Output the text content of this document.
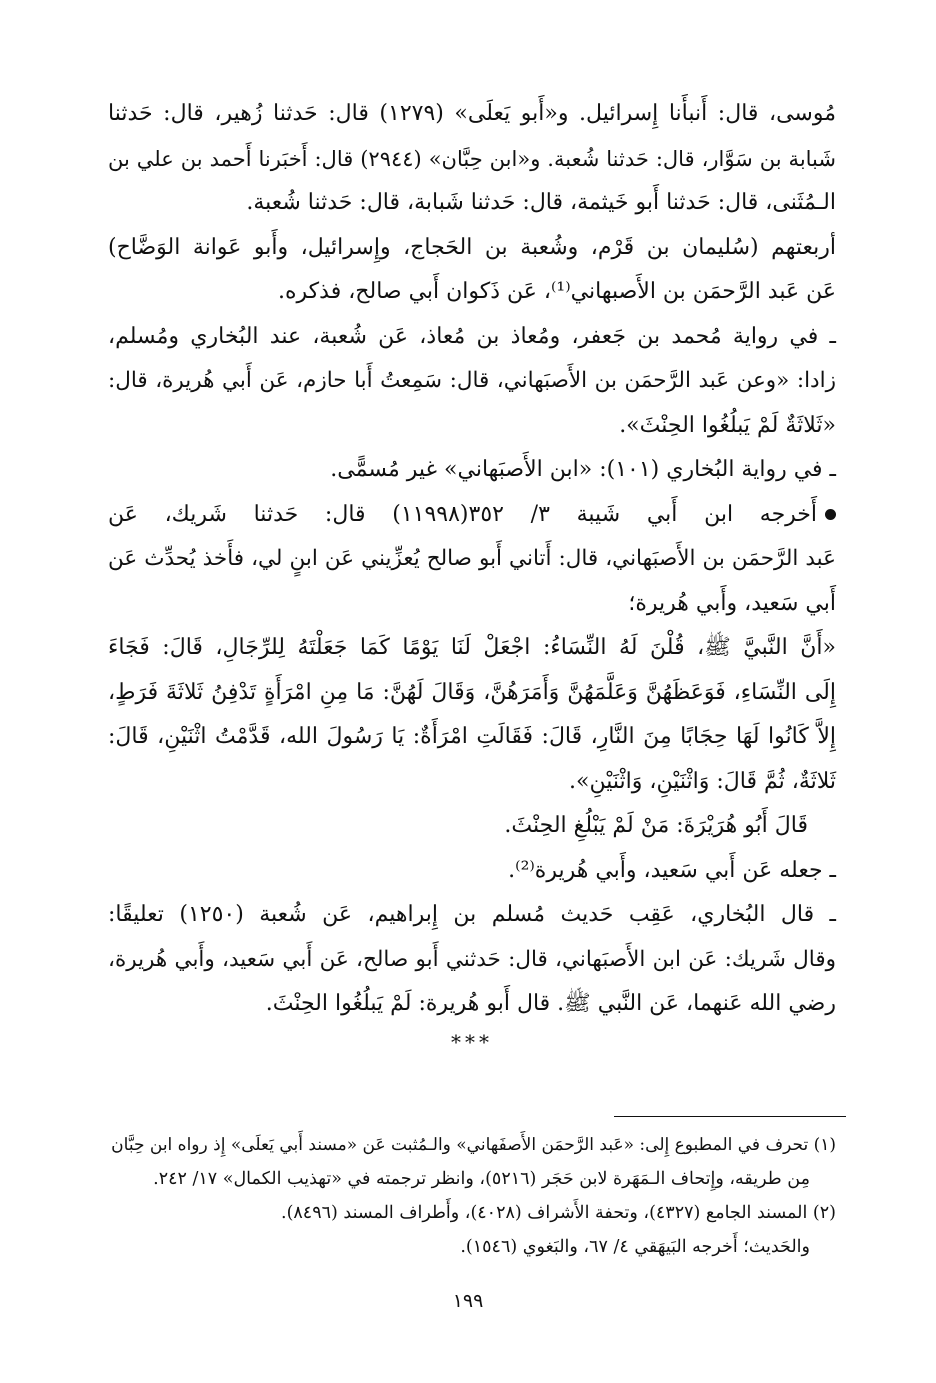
مُوسى، قال: أَنبأَنا إِسرائيل. و«أَبو يَعلَى» (١٢٧٩) قال: حَدثنا زُهير، قال: حَدثنا
شَبابة بن سَوَّار، قال: حَدثنا شُعبة. و«ابن حِبَّان» (٢٩٤٤) قال: أَخبَرنا أَحمد بن علي بن
الـمُثَنى، قال: حَدثنا أَبو خَيثمة، قال: حَدثنا شَبابة، قال: حَدثنا شُعبة.
أربعتهم (سُليمان بن قَرْم، وشُعبة بن الحَجاج، وإِسرائيل، وأَبو عَوانة الوَضَّاح)
عَن عَبد الرَّحمَن بن الأَصبهاني⁽¹⁾، عَن ذَكوان أَبي صالح، فذكره.
ـ في رواية مُحمد بن جَعفر، ومُعاذ بن مُعاذ، عَن شُعبة، عند البُخاري ومُسلم،
زادا: «وعن عَبد الرَّحمَن بن الأَصبَهاني، قال: سَمِعتُ أَبا حازم، عَن أَبي هُريرة، قال:
«ثَلاثَةٌ لَمْ يَبلُغُوا الحِنْثَ».
ـ في رواية البُخاري (١٠١): «ابن الأَصبَهاني» غير مُسمًّى.
أَخرجه ابن أَبي شَيبة ٣/ ٣٥٢(١١٩٩٨) قال: حَدثنا شَريك، عَن
عَبد الرَّحمَن بن الأَصبَهاني، قال: أَتاني أَبو صالح يُعزِّيني عَن ابنٍ لي، فأَخذ يُحدِّث عَن
أَبي سَعيد، وأَبي هُريرة؛
«أَنَّ النَّبيَّ ﷺ، قُلْنَ لَهُ النِّسَاءُ: اجْعَلْ لَنَا يَوْمًا كَمَا جَعَلْتَهُ لِلرِّجَالِ، قَالَ: فَجَاءَ
إِلَى النِّسَاءِ، فَوَعَظَهُنَّ وَعَلَّمَهُنَّ وَأَمَرَهُنَّ، وَقَالَ لَهُنَّ: مَا مِنِ امْرَأَةٍ تَدْفِنُ ثَلاثَةَ فَرَطٍ،
إِلاَّ كَانُوا لَهَا حِجَابًا مِنَ النَّارِ، قَالَ: فَقَالَتِ امْرَأَةٌ: يَا رَسُولَ الله، قَدَّمْتُ اثْنَيْنِ، قَالَ:
ثَلاثَةٌ، ثُمَّ قَالَ: وَاثْنَيْنِ، وَاثْنَيْنِ».
قَالَ أَبُو هُرَيْرَةَ: مَنْ لَمْ يَبْلُغِ الحِنْثَ.
ـ جعله عَن أَبي سَعيد، وأَبي هُريرة⁽²⁾.
ـ قال البُخاري، عَقِب حَديث مُسلم بن إِبراهيم، عَن شُعبة (١٢٥٠) تعليقًا:
وقال شَريك: عَن ابن الأَصبَهاني، قال: حَدثني أَبو صالح، عَن أَبي سَعيد، وأَبي هُريرة،
رضي الله عَنهما، عَن النَّبي ﷺ. قال أَبو هُريرة: لَمْ يَبلُغُوا الحِنْثَ.
***
(١) تحرف في المطبوع إِلى: «عَبد الرَّحمَن الأَصفَهاني» والـمُثبت عَن «مسند أَبي يَعلَى» إِذ رواه ابن حِبَّان
مِن طريقه، وإِتحاف الـمَهَرة لابن حَجَر (٥٢١٦)، وانظر ترجمته في «تهذيب الكمال» ١٧/ ٢٤٢.
(٢) المسند الجامع (٤٣٢٧)، وتحفة الأَشراف (٤٠٢٨)، وأَطراف المسند (٨٤٩٦).
والحَديث؛ أَخرجه البَيهَقي ٤/ ٦٧، والبَغوي (١٥٤٦).
١٩٩
